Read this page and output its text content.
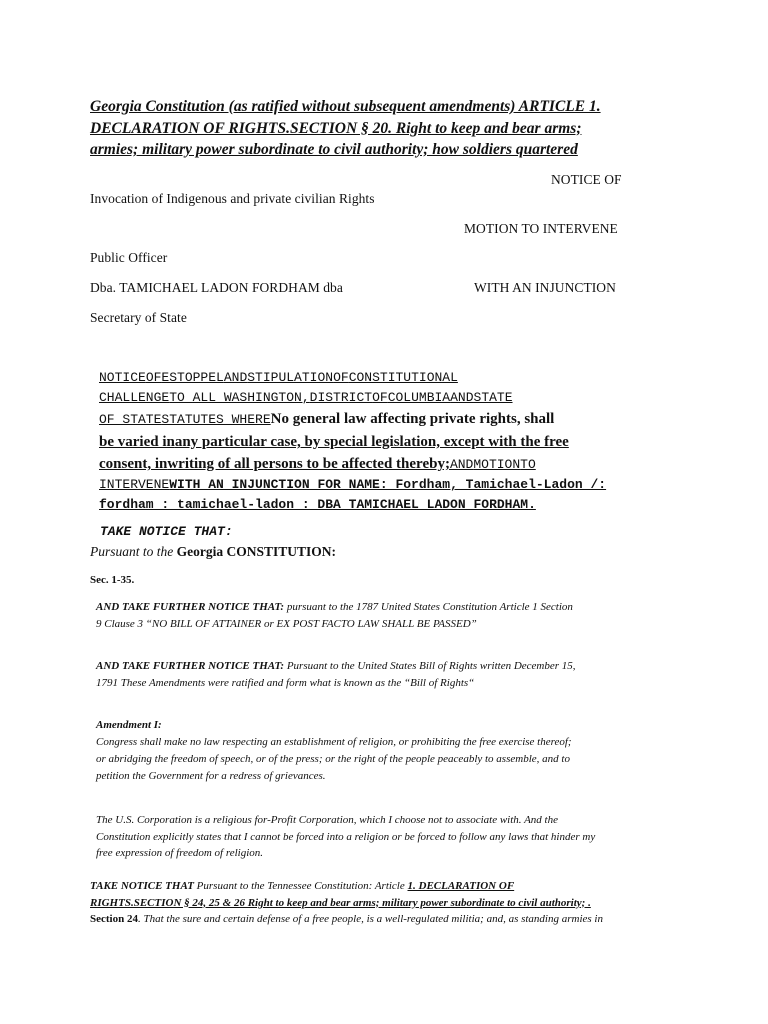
Georgia Constitution (as ratified without subsequent amendments) ARTICLE 1.
DECLARATION OF RIGHTS.SECTION § 20. Right to keep and bear arms;
armies; military power subordinate to civil authority; how soldiers quartered
NOTICE OF
Invocation of Indigenous and private civilian Rights
MOTION TO INTERVENE
Public Officer
Dba. TAMICHAEL LADON FORDHAM dba	WITH AN INJUNCTION
Secretary of State
NOTICEOFESTOPPELANDSTIPULATIONOFCONSTITUTIONAL
CHALLENGETO ALL WASHINGTON,DISTRICTOFCOLUMBIAANDSTATE
OF STATESTATUTES WHERENo general law affecting private rights, shall
be varied inany particular case, by special legislation, except with the free
consent, inwriting of all persons to be affected thereby;ANDMOTIONTO
INTERVENEWITH AN INJUNCTION FOR NAME: Fordham, Tamichael-Ladon /:
fordham : tamichael-ladon : DBA TAMICHAEL LADON FORDHAM.
TAKE NOTICE THAT:
Pursuant to the Georgia CONSTITUTION:
Sec. 1-35.
AND TAKE FURTHER NOTICE THAT: pursuant to the 1787 United States Constitution Article 1 Section
9 Clause 3 “NO BILL OF ATTAINER or EX POST FACTO LAW SHALL BE PASSED”
AND TAKE FURTHER NOTICE THAT: Pursuant to the United States Bill of Rights written December 15,
1791 These Amendments were ratified and form what is known as the “Bill of Rights“
Amendment I:
Congress shall make no law respecting an establishment of religion, or prohibiting the free exercise thereof;
or abridging the freedom of speech, or of the press; or the right of the people peaceably to assemble, and to
petition the Government for a redress of grievances.
The U.S. Corporation is a religious for-Profit Corporation, which I choose not to associate with. And the
Constitution explicitly states that I cannot be forced into a religion or be forced to follow any laws that hinder my
free expression of freedom of religion.
TAKE NOTICE THAT Pursuant to the Tennessee Constitution: Article 1. DECLARATION OF
RIGHTS.SECTION § 24, 25 & 26 Right to keep and bear arms; military power subordinate to civil authority; .
Section 24. That the sure and certain defense of a free people, is a well-regulated militia; and, as standing armies in
